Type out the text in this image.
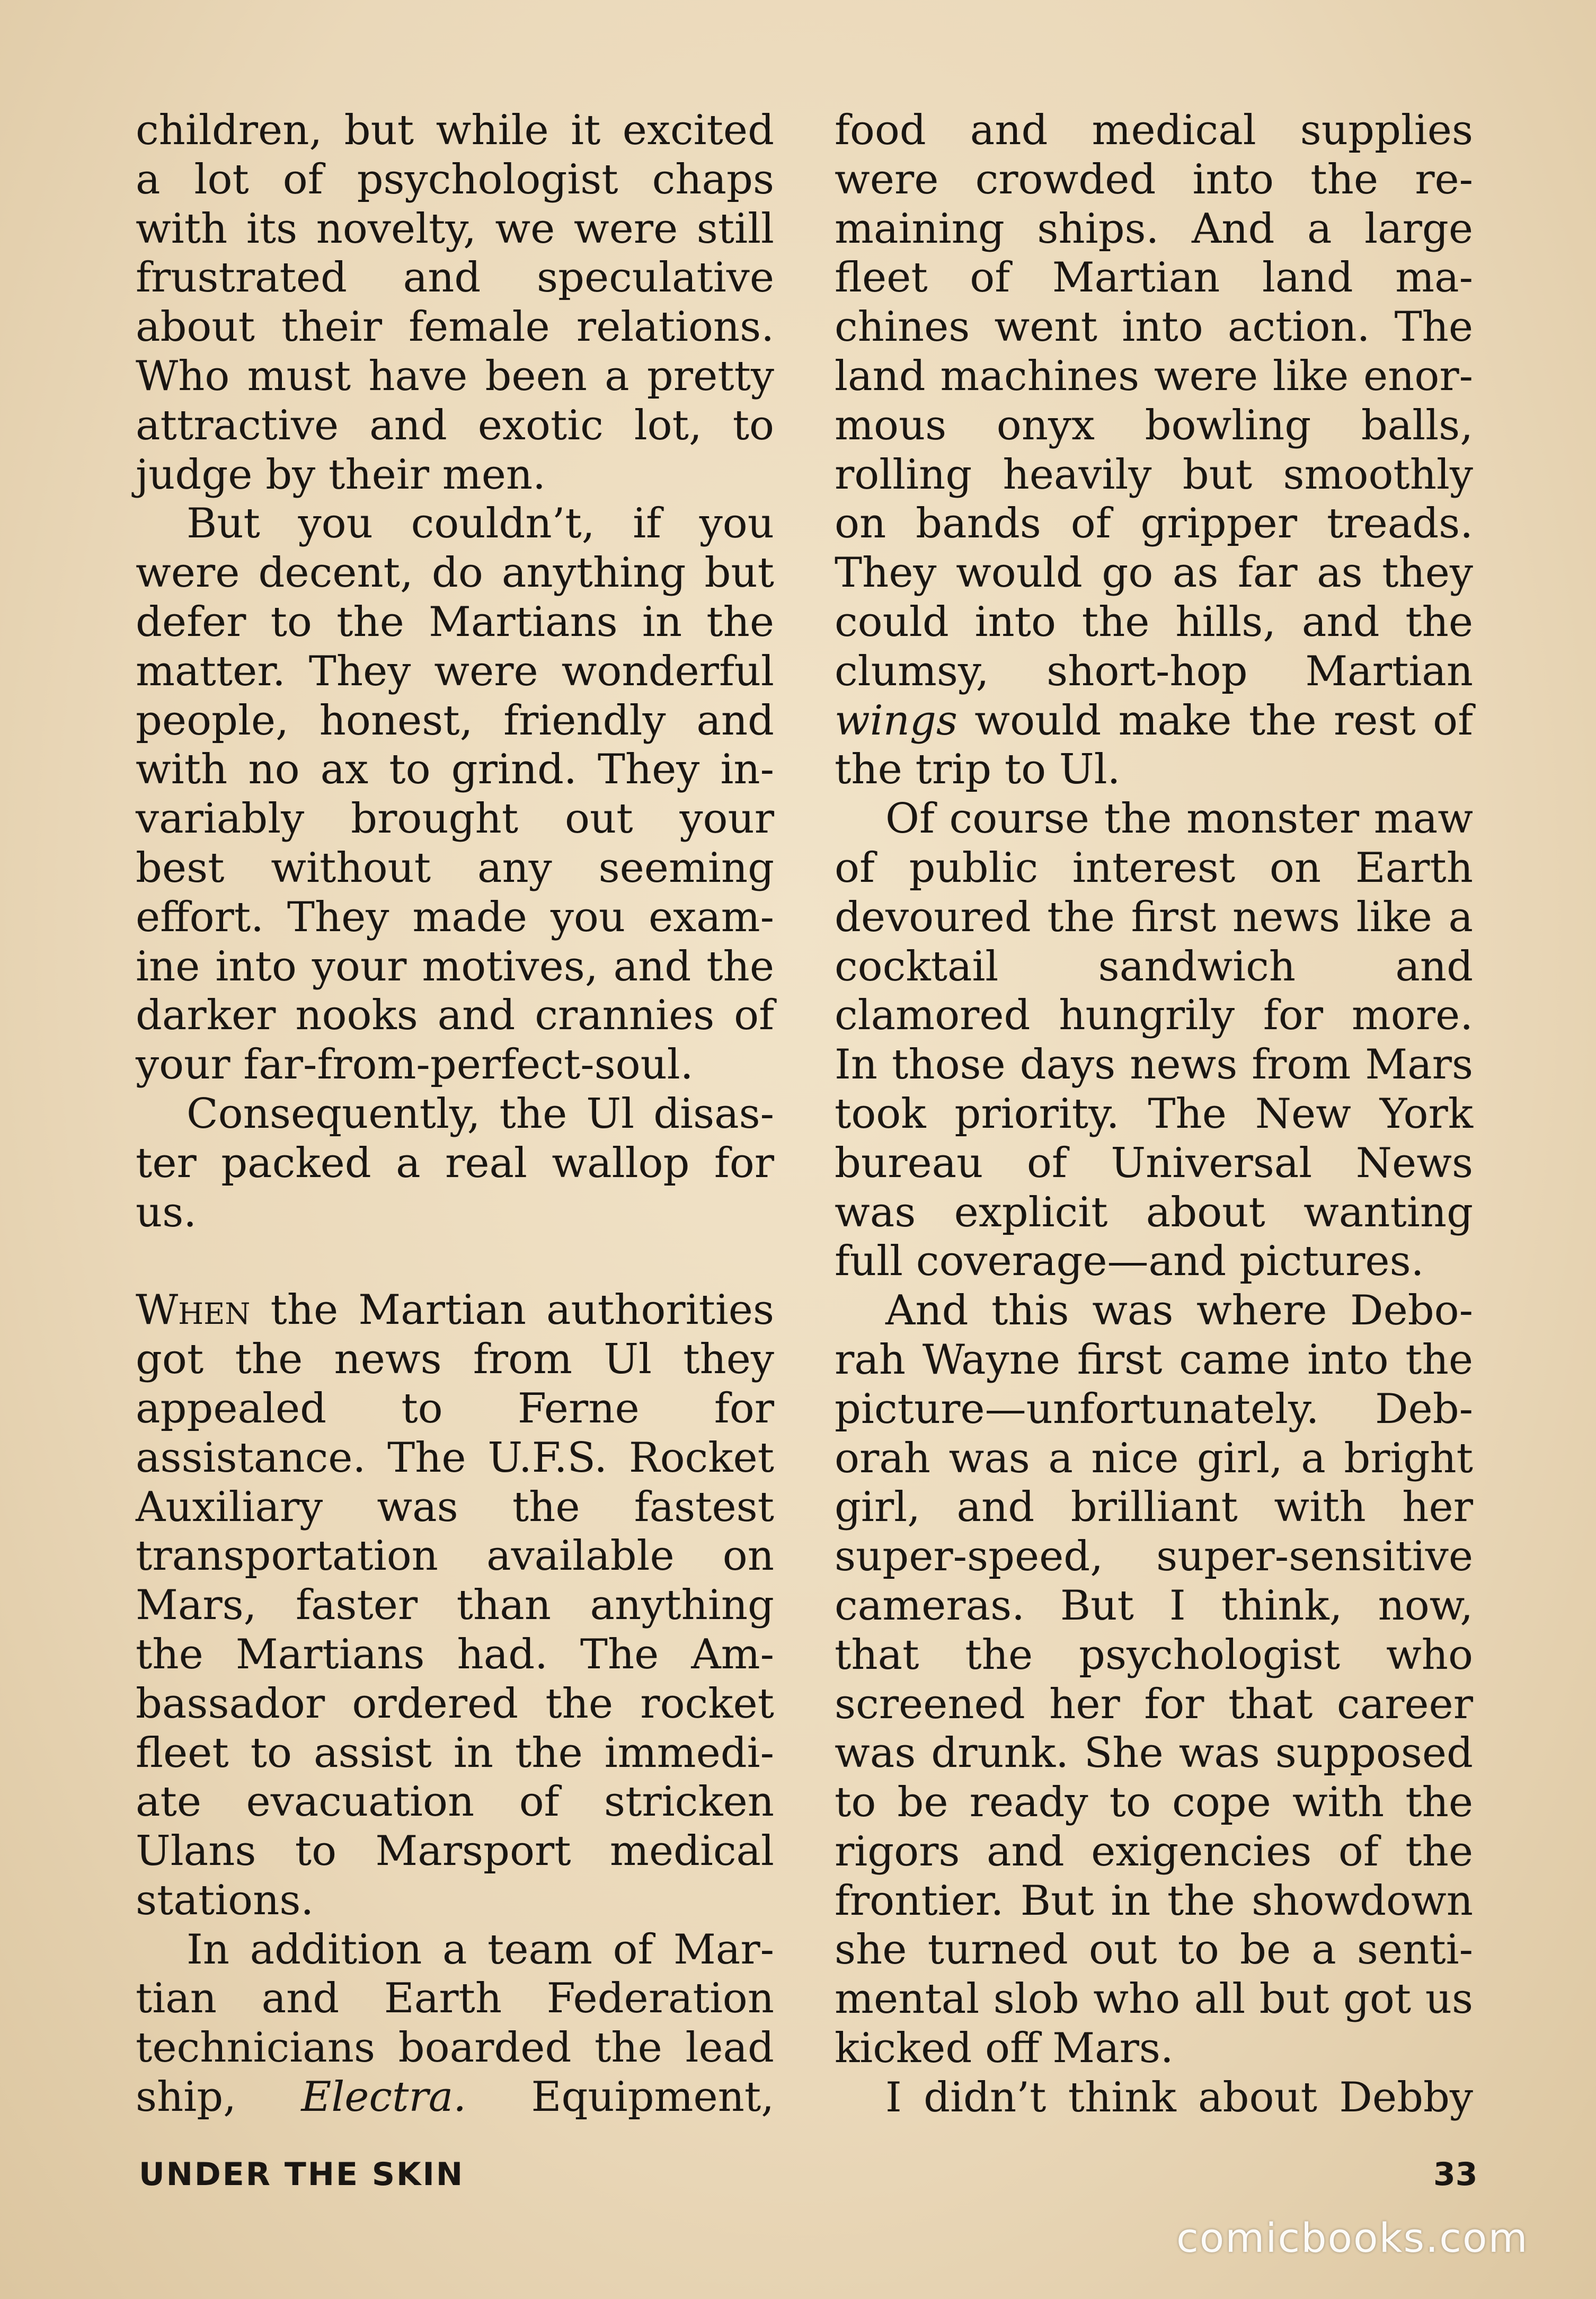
children, but while it excited a lot of psychologist chaps with its novelty, we were still frustrated and speculative about their female relations. Who must have been a pretty attractive and exotic lot, to judge by their men.

But you couldn’t, if you were decent, do anything but defer to the Martians in the matter. They were wonderful people, honest, friendly and with no ax to grind. They invariably brought out your best without any seeming effort. They made you examine into your motives, and the darker nooks and crannies of your far-from-perfect-soul.

Consequently, the Ul disaster packed a real wallop for us.

When the Martian authorities got the news from Ul they appealed to Ferne for assistance. The U.F.S. Rocket Auxiliary was the fastest transportation available on Mars, faster than anything the Martians had. The Ambassador ordered the rocket fleet to assist in the immediate evacuation of stricken Ulans to Marsport medical stations.

In addition a team of Martian and Earth Federation technicians boarded the lead ship, Electra. Equipment,

food and medical supplies were crowded into the remaining ships. And a large fleet of Martian land machines went into action. The land machines were like enormous onyx bowling balls, rolling heavily but smoothly on bands of gripper treads. They would go as far as they could into the hills, and the clumsy, short-hop Martian wings would make the rest of the trip to Ul.

Of course the monster maw of public interest on Earth devoured the first news like a cocktail sandwich and clamored hungrily for more. In those days news from Mars took priority. The New York bureau of Universal News was explicit about wanting full coverage—and pictures.

And this was where Deborah Wayne first came into the picture—unfortunately. Deborah was a nice girl, a bright girl, and brilliant with her super-speed, super-sensitive cameras. But I think, now, that the psychologist who screened her for that career was drunk. She was supposed to be ready to cope with the rigors and exigencies of the frontier. But in the showdown she turned out to be a sentimental slob who all but got us kicked off Mars.

I didn’t think about Debby

UNDER THE SKIN	33
comicbooks.com
